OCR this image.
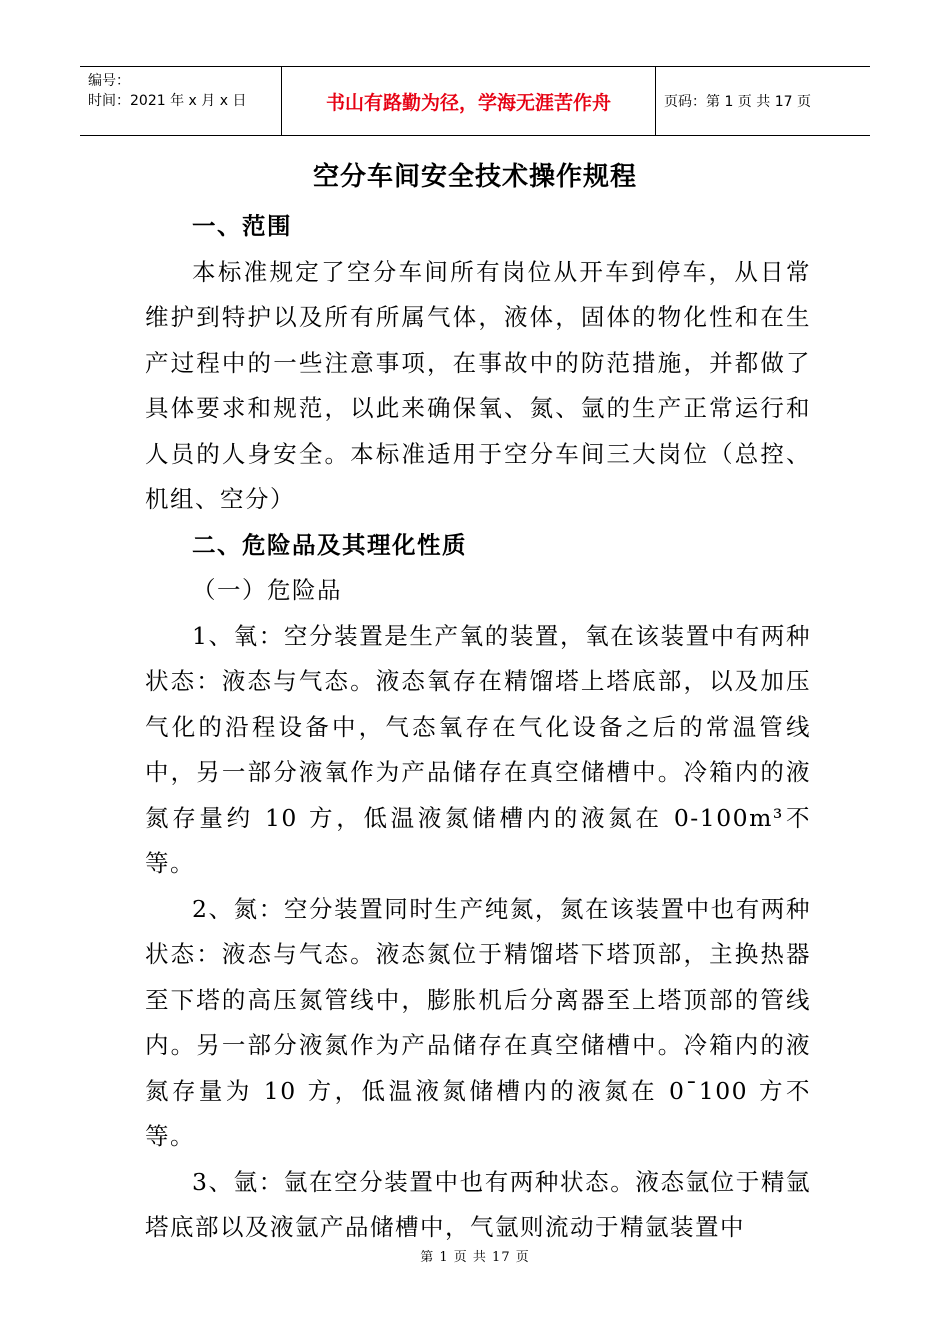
编号：
时间：2021 年 x 月 x 日	书山有路勤为径，学海无涯苦作舟	页码：第 1 页 共 17 页
空分车间安全技术操作规程
一、范围

本标准规定了空分车间所有岗位从开车到停车，从日常维护到特护以及所有所属气体，液体，固体的物化性和在生产过程中的一些注意事项，在事故中的防范措施，并都做了具体要求和规范，以此来确保氧、氮、氩的生产正常运行和人员的人身安全。本标准适用于空分车间三大岗位（总控、机组、空分）

二、危险品及其理化性质

（一）危险品

1、氧：空分装置是生产氧的装置，氧在该装置中有两种状态：液态与气态。液态氧存在精馏塔上塔底部，以及加压气化的沿程设备中，气态氧存在气化设备之后的常温管线中，另一部分液氧作为产品储存在真空储槽中。冷箱内的液氮存量约 10 方，低温液氮储槽内的液氮在 0-100m³不等。

2、氮：空分装置同时生产纯氮，氮在该装置中也有两种状态：液态与气态。液态氮位于精馏塔下塔顶部，主换热器至下塔的高压氮管线中，膨胀机后分离器至上塔顶部的管线内。另一部分液氮作为产品储存在真空储槽中。冷箱内的液氮存量为 10 方，低温液氮储槽内的液氮在 0¯100 方不等。

3、氩：氩在空分装置中也有两种状态。液态氩位于精氩塔底部以及液氩产品储槽中，气氩则流动于精氩装置中

第 1 页 共 17 页
